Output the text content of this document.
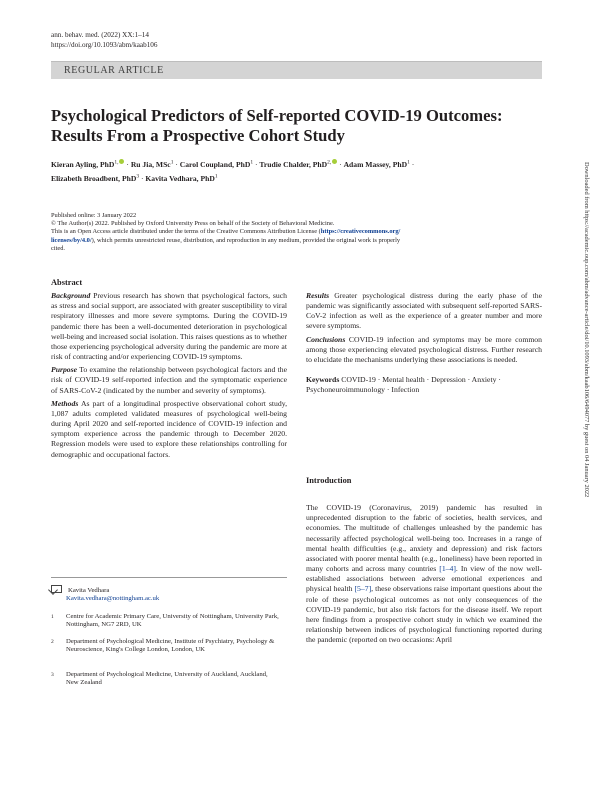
ann. behav. med. (2022) XX:1–14
https://doi.org/10.1093/abm/kaab106
REGULAR ARTICLE
Psychological Predictors of Self-reported COVID-19 Outcomes:
Results From a Prospective Cohort Study
Kieran Ayling, PhD$^{1,}$ · Ru Jia, MSc$^1$ · Carol Coupland, PhD$^1$ · Trudie Chalder, PhD$^{2,}$ · Adam Massey, PhD$^1$ ·
Elizabeth Broadbent, PhD$^3$ · Kavita Vedhara, PhD$^1$
Published online: 3 January 2022
© The Author(s) 2022. Published by Oxford University Press on behalf of the Society of Behavioral Medicine.
This is an Open Access article distributed under the terms of the Creative Commons Attribution License (https://creativecommons.org/
licenses/by/4.0/), which permits unrestricted reuse, distribution, and reproduction in any medium, provided the original work is properly
cited.

Abstract

Background Previous research has shown that psychological factors, such as stress and social support, are associated with greater susceptibility to viral respiratory illnesses and more severe symptoms. During the COVID-19 pandemic there has been a well-documented deterioration in psychological well-being and increased social isolation. This raises questions as to whether those experiencing psychological adversity during the pandemic are more at risk of contracting and/or experiencing COVID-19 symptoms.

Purpose To examine the relationship between psychological factors and the risk of COVID-19 self-reported infection and the symptomatic experience of SARS-CoV-2 (indicated by the number and severity of symptoms).

Methods As part of a longitudinal prospective observational cohort study, 1,087 adults completed validated measures of psychological well-being during April 2020 and self-reported incidence of COVID-19 infection and symptom experience across the pandemic through to December 2020. Regression models were used to explore these relationships controlling for demographic and occupational factors.

Kavita Vedhara
Kavita.vedhara@nottingham.ac.uk
1 Centre for Academic Primary Care, University of Nottingham, University Park, Nottingham, NG7 2RD, UK
2 Department of Psychological Medicine, Institute of Psychiatry, Psychology & Neuroscience, King's College London, London, UK
3 Department of Psychological Medicine, University of Auckland, Auckland, New Zealand

Results Greater psychological distress during the early phase of the pandemic was significantly associated with subsequent self-reported SARS-CoV-2 infection as well as the experience of a greater number and more severe symptoms.

Conclusions COVID-19 infection and symptoms may be more common among those experiencing elevated psychological distress. Further research to elucidate the mechanisms underlying these associations is needed.

Keywords COVID-19 · Mental health · Depression · Anxiety · Psychoneuroimmunology · Infection

Introduction

The COVID-19 (Coronavirus, 2019) pandemic has resulted in unprecedented disruption to the fabric of societies, health services, and economies. The multitude of challenges unleashed by the pandemic has necessarily affected psychological well-being too. Increases in a range of mental health difficulties (e.g., anxiety and depression) and risk factors associated with poorer mental health (e.g., loneliness) have been reported in many cohorts and across many countries [1–4]. In view of the now well-established associations between adverse emotional experiences and physical health [5–7], these observations raise important questions about the role of these psychological outcomes as not only consequences of the COVID-19 pandemic, but also risk factors for the disease itself. We report here findings from a prospective cohort study in which we examined the relationship between indices of psychological functioning reported during the pandemic (reported on two occasions: April

Downloaded from https://academic.oup.com/abm/advance-article/doi/10.1093/abm/kaab106/6494077 by guest on 04 January 2022
